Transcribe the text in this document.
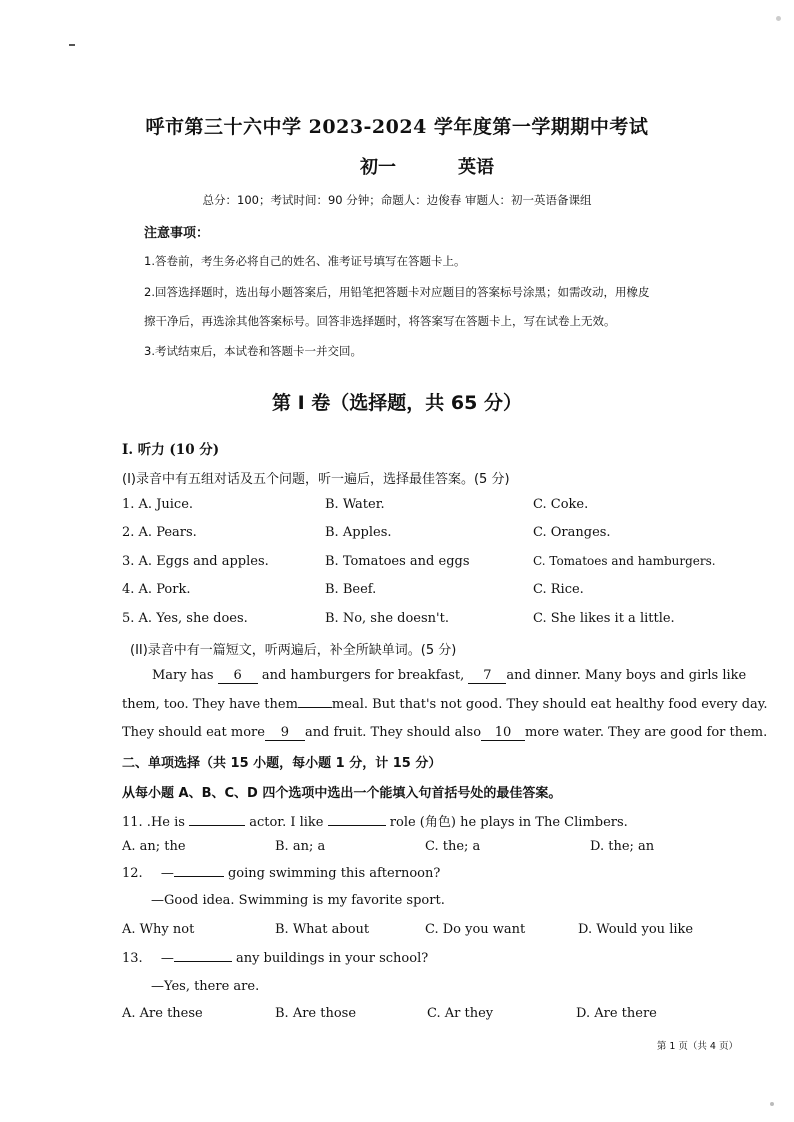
呼市第三十六中学 2023-2024 学年度第一学期期中考试
初一	英语
总分：100；考试时间：90 分钟；命题人：边俊春 审题人：初一英语备课组
注意事项：
1.答卷前，考生务必将自己的姓名、准考证号填写在答题卡上。
2.回答选择题时，选出每小题答案后，用铅笔把答题卡对应题目的答案标号涂黑；如需改动，用橡皮
擦干净后，再选涂其他答案标号。回答非选择题时，将答案写在答题卡上，写在试卷上无效。
3.考试结束后，本试卷和答题卡一并交回。
第 I 卷（选择题，共 65 分）
I. 听力 (10 分)
(I)录音中有五组对话及五个问题，听一遍后，选择最佳答案。(5 分)
1. A. Juice.	B. Water.	C. Coke.
2. A. Pears.	B. Apples.	C. Oranges.
3. A. Eggs and apples.	B. Tomatoes and eggs	C. Tomatoes and hamburgers.
4. A. Pork.	B. Beef.	C. Rice.
5. A. Yes, she does.	B. No, she doesn't.	C. She likes it a little.
(II)录音中有一篇短文，听两遍后，补全所缺单词。(5 分)
Mary has 6 and hamburgers for breakfast, 7 and dinner. Many boys and girls like
them, too. They have them	meal. But that's not good. They should eat healthy food every day.
They should eat more 9 and fruit. They should also 10 more water. They are good for them.
二、单项选择（共 15 小题，每小题 1 分，计 15 分）
从每小题 A、B、C、D 四个选项中选出一个能填入句首括号处的最佳答案。
11. .He is	actor. I like	role (角色) he plays in The Climbers.
A. an; the	B. an; a	C. the; a	D. the; an
12. —	going swimming this afternoon?
—Good idea. Swimming is my favorite sport.
A. Why not	B. What about	C. Do you want	D. Would you like
13. —	any buildings in your school?
—Yes, there are.
A. Are these	B. Are those	C. Ar they	D. Are there
第 1 页（共 4 页）
